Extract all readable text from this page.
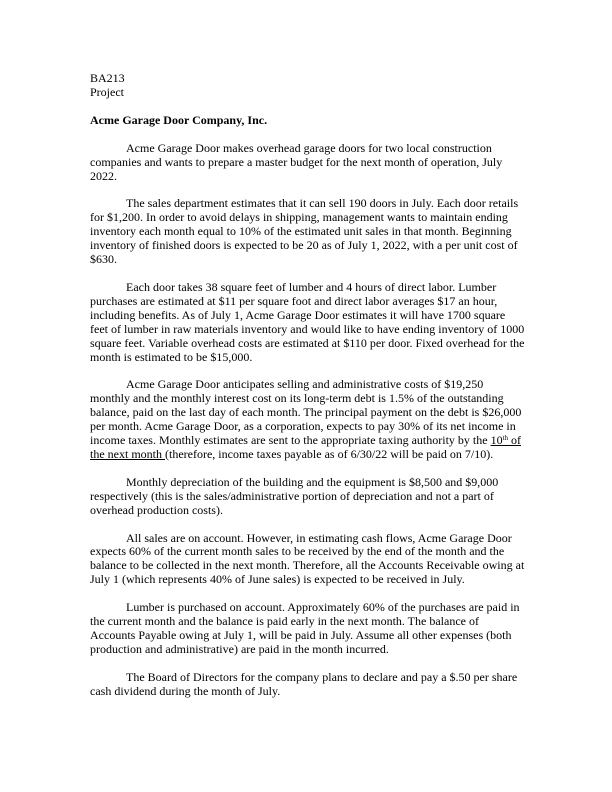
BA213

Project

Acme Garage Door Company, Inc.

Acme Garage Door makes overhead garage doors for two local construction companies and wants to prepare a master budget for the next month of operation, July 2022.

The sales department estimates that it can sell 190 doors in July. Each door retails for $1,200. In order to avoid delays in shipping, management wants to maintain ending inventory each month equal to 10% of the estimated unit sales in that month. Beginning inventory of finished doors is expected to be 20 as of July 1, 2022, with a per unit cost of $630.

Each door takes 38 square feet of lumber and 4 hours of direct labor. Lumber purchases are estimated at $11 per square foot and direct labor averages $17 an hour, including benefits. As of July 1, Acme Garage Door estimates it will have 1700 square feet of lumber in raw materials inventory and would like to have ending inventory of 1000 square feet. Variable overhead costs are estimated at $110 per door. Fixed overhead for the month is estimated to be $15,000.

Acme Garage Door anticipates selling and administrative costs of $19,250 monthly and the monthly interest cost on its long-term debt is 1.5% of the outstanding balance, paid on the last day of each month. The principal payment on the debt is $26,000 per month. Acme Garage Door, as a corporation, expects to pay 30% of its net income in income taxes. Monthly estimates are sent to the appropriate taxing authority by the 10th of the next month (therefore, income taxes payable as of 6/30/22 will be paid on 7/10).

Monthly depreciation of the building and the equipment is $8,500 and $9,000 respectively (this is the sales/administrative portion of depreciation and not a part of overhead production costs).

All sales are on account. However, in estimating cash flows, Acme Garage Door expects 60% of the current month sales to be received by the end of the month and the balance to be collected in the next month. Therefore, all the Accounts Receivable owing at July 1 (which represents 40% of June sales) is expected to be received in July.

Lumber is purchased on account. Approximately 60% of the purchases are paid in the current month and the balance is paid early in the next month. The balance of Accounts Payable owing at July 1, will be paid in July. Assume all other expenses (both production and administrative) are paid in the month incurred.

The Board of Directors for the company plans to declare and pay a $.50 per share cash dividend during the month of July.
